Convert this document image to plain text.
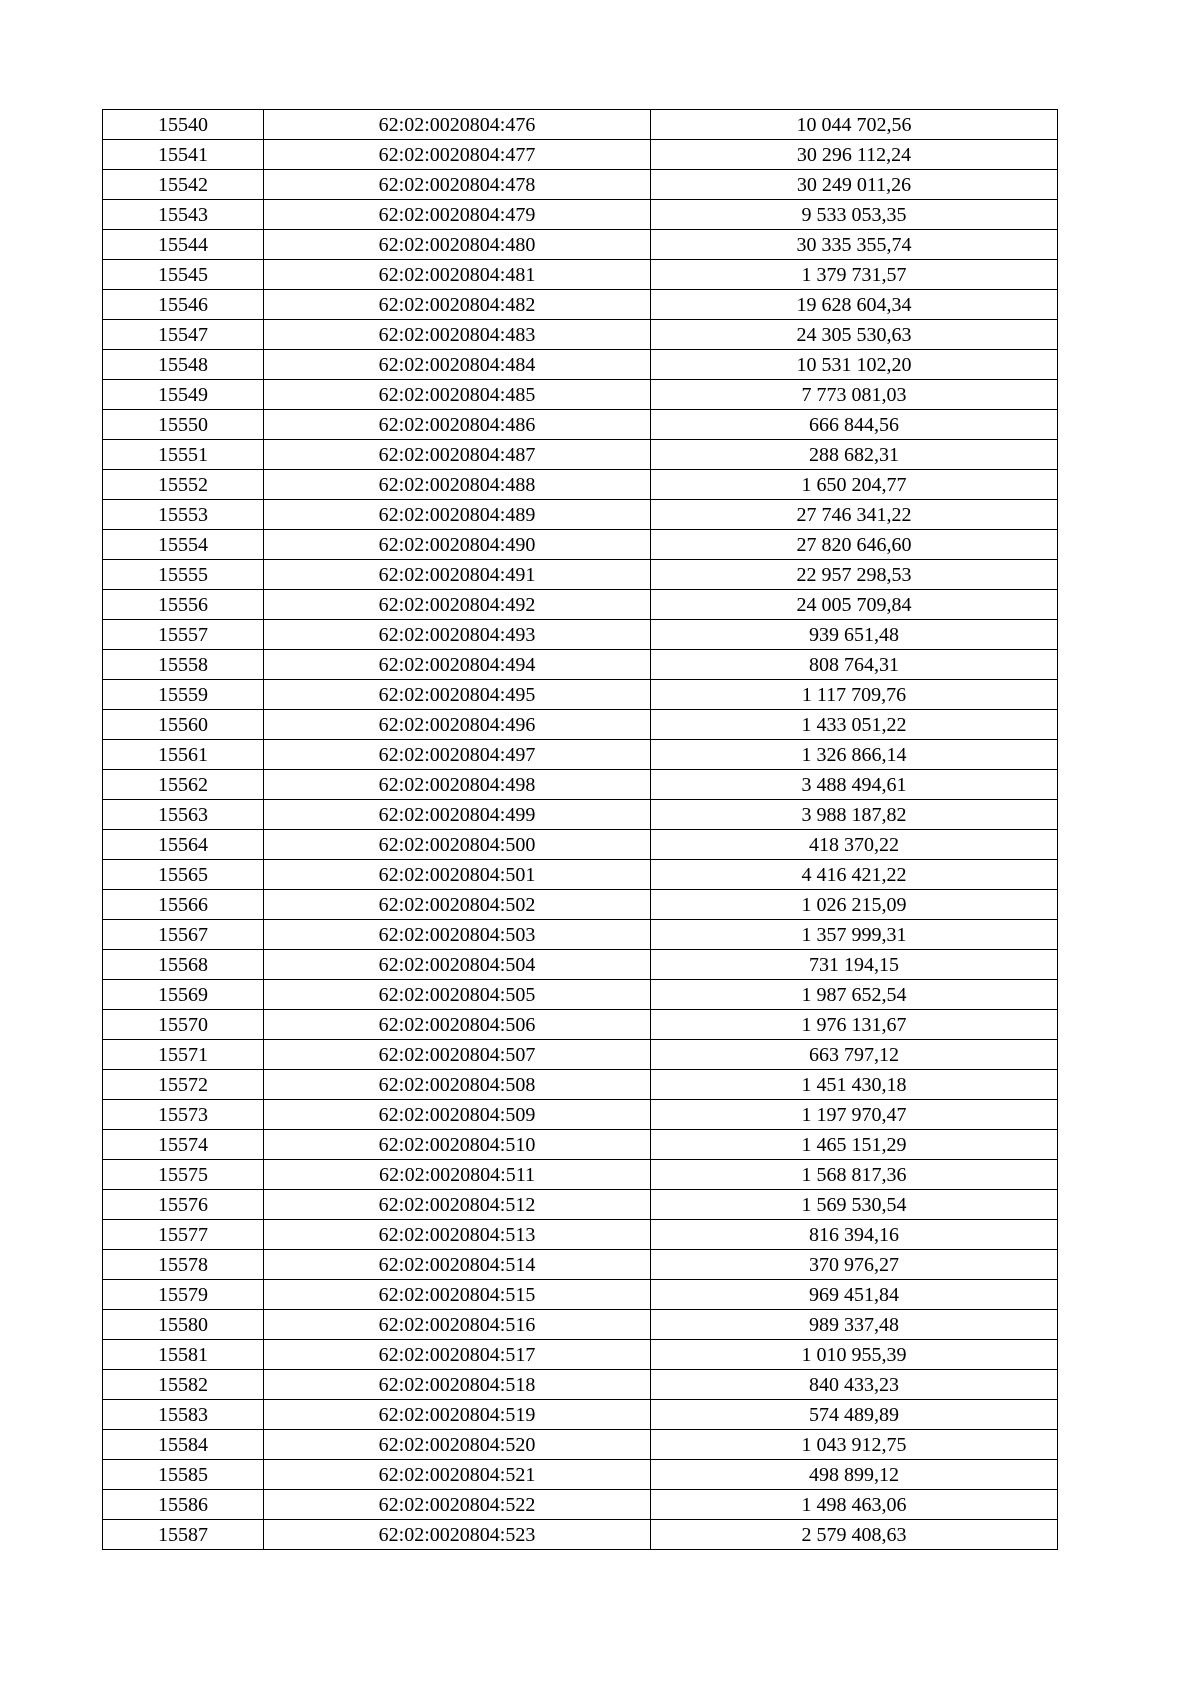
15540	62:02:0020804:476	10 044 702,56
15541	62:02:0020804:477	30 296 112,24
15542	62:02:0020804:478	30 249 011,26
15543	62:02:0020804:479	9 533 053,35
15544	62:02:0020804:480	30 335 355,74
15545	62:02:0020804:481	1 379 731,57
15546	62:02:0020804:482	19 628 604,34
15547	62:02:0020804:483	24 305 530,63
15548	62:02:0020804:484	10 531 102,20
15549	62:02:0020804:485	7 773 081,03
15550	62:02:0020804:486	666 844,56
15551	62:02:0020804:487	288 682,31
15552	62:02:0020804:488	1 650 204,77
15553	62:02:0020804:489	27 746 341,22
15554	62:02:0020804:490	27 820 646,60
15555	62:02:0020804:491	22 957 298,53
15556	62:02:0020804:492	24 005 709,84
15557	62:02:0020804:493	939 651,48
15558	62:02:0020804:494	808 764,31
15559	62:02:0020804:495	1 117 709,76
15560	62:02:0020804:496	1 433 051,22
15561	62:02:0020804:497	1 326 866,14
15562	62:02:0020804:498	3 488 494,61
15563	62:02:0020804:499	3 988 187,82
15564	62:02:0020804:500	418 370,22
15565	62:02:0020804:501	4 416 421,22
15566	62:02:0020804:502	1 026 215,09
15567	62:02:0020804:503	1 357 999,31
15568	62:02:0020804:504	731 194,15
15569	62:02:0020804:505	1 987 652,54
15570	62:02:0020804:506	1 976 131,67
15571	62:02:0020804:507	663 797,12
15572	62:02:0020804:508	1 451 430,18
15573	62:02:0020804:509	1 197 970,47
15574	62:02:0020804:510	1 465 151,29
15575	62:02:0020804:511	1 568 817,36
15576	62:02:0020804:512	1 569 530,54
15577	62:02:0020804:513	816 394,16
15578	62:02:0020804:514	370 976,27
15579	62:02:0020804:515	969 451,84
15580	62:02:0020804:516	989 337,48
15581	62:02:0020804:517	1 010 955,39
15582	62:02:0020804:518	840 433,23
15583	62:02:0020804:519	574 489,89
15584	62:02:0020804:520	1 043 912,75
15585	62:02:0020804:521	498 899,12
15586	62:02:0020804:522	1 498 463,06
15587	62:02:0020804:523	2 579 408,63
